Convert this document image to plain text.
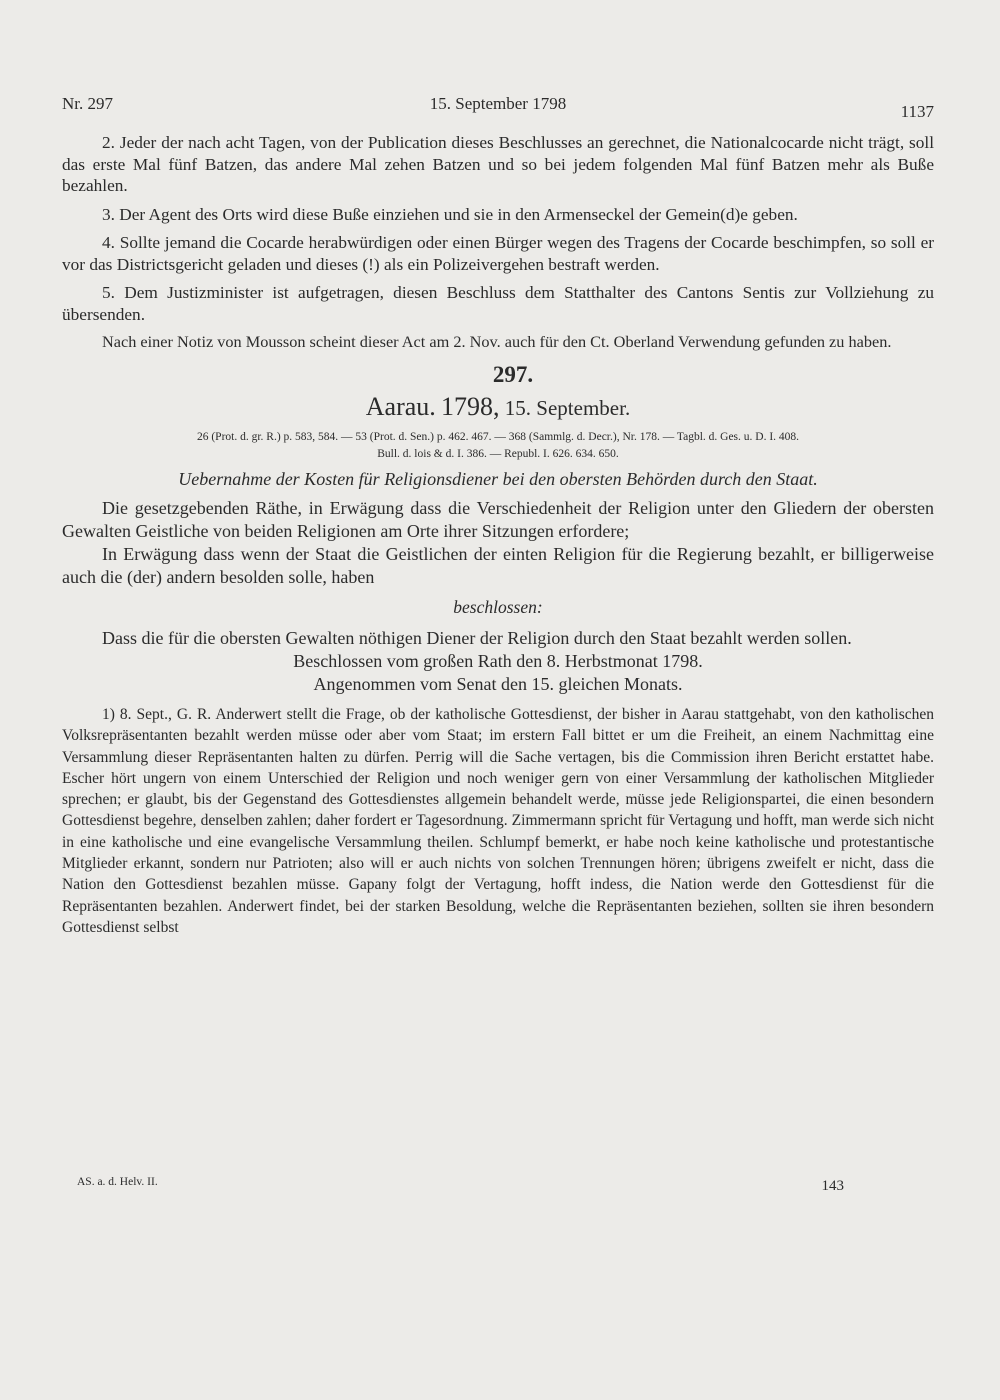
Nr. 297	15. September 1798	1137

2. Jeder der nach acht Tagen, von der Publication dieses Beschlusses an gerechnet, die Nationalcocarde nicht trägt, soll das erste Mal fünf Batzen, das andere Mal zehen Batzen und so bei jedem folgenden Mal fünf Batzen mehr als Buße bezahlen.

3. Der Agent des Orts wird diese Buße einziehen und sie in den Armenseckel der Gemein(d)e geben.

4. Sollte jemand die Cocarde herabwürdigen oder einen Bürger wegen des Tragens der Cocarde beschimpfen, so soll er vor das Districtsgericht geladen und dieses (!) als ein Polizeivergehen bestraft werden.

5. Dem Justizminister ist aufgetragen, diesen Beschluss dem Statthalter des Cantons Sentis zur Vollziehung zu übersenden.

Nach einer Notiz von Mousson scheint dieser Act am 2. Nov. auch für den Ct. Oberland Verwendung gefunden zu haben.

297.
Aarau. 1798, 15. September.
26 (Prot. d. gr. R.) p. 583, 584. — 53 (Prot. d. Sen.) p. 462. 467. — 368 (Sammlg. d. Decr.), Nr. 178. — Tagbl. d. Ges. u. D. I. 408.
Bull. d. lois & d. I. 386. — Republ. I. 626. 634. 650.
Uebernahme der Kosten für Religionsdiener bei den obersten Behörden durch den Staat.

Die gesetzgebenden Räthe, in Erwägung dass die Verschiedenheit der Religion unter den Gliedern der obersten Gewalten Geistliche von beiden Religionen am Orte ihrer Sitzungen erfordere;

In Erwägung dass wenn der Staat die Geistlichen der einten Religion für die Regierung bezahlt, er billigerweise auch die (der) andern besolden solle, haben

beschlossen:

Dass die für die obersten Gewalten nöthigen Diener der Religion durch den Staat bezahlt werden sollen.

Beschlossen vom großen Rath den 8. Herbstmonat 1798.

Angenommen vom Senat den 15. gleichen Monats.

1) 8. Sept., G. R. Anderwert stellt die Frage, ob der katholische Gottesdienst, der bisher in Aarau stattgehabt, von den katholischen Volksrepräsentanten bezahlt werden müsse oder aber vom Staat; im erstern Fall bittet er um die Freiheit, an einem Nachmittag eine Versammlung dieser Repräsentanten halten zu dürfen. Perrig will die Sache vertagen, bis die Commission ihren Bericht erstattet habe. Escher hört ungern von einem Unterschied der Religion und noch weniger gern von einer Versammlung der katholischen Mitglieder sprechen; er glaubt, bis der Gegenstand des Gottesdienstes allgemein behandelt werde, müsse jede Religionspartei, die einen besondern Gottesdienst begehre, denselben zahlen; daher fordert er Tagesordnung. Zimmermann spricht für Vertagung und hofft, man werde sich nicht in eine katholische und eine evangelische Versammlung theilen. Schlumpf bemerkt, er habe noch keine katholische und protestantische Mitglieder erkannt, sondern nur Patrioten; also will er auch nichts von solchen Trennungen hören; übrigens zweifelt er nicht, dass die Nation den Gottesdienst bezahlen müsse. Gapany folgt der Vertagung, hofft indess, die Nation werde den Gottesdienst für die Repräsentanten bezahlen. Anderwert findet, bei der starken Besoldung, welche die Repräsentanten beziehen, sollten sie ihren besondern Gottesdienst selbst

AS. a. d. Helv. II.	143
